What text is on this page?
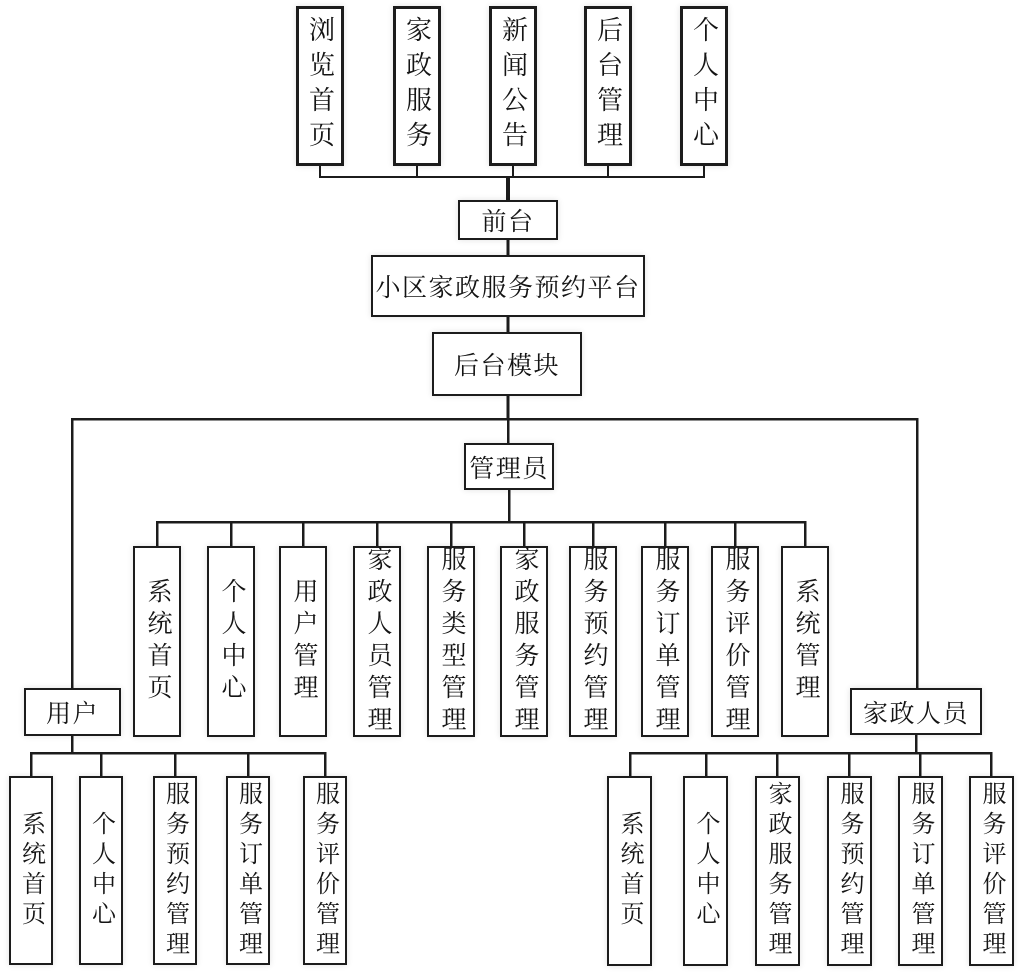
浏览首页	家政服务	新闻公告	后台管理	个人中心
前台
小区家政服务预约平台
后台模块
用户
管理员
家政人员
系统首页	个人中心	用户管理	家政人员管理	服务类型管理	家政服务管理	服务预约管理	服务订单管理	服务评价管理	系统管理
系统首页	个人中心	服务预约管理	服务订单管理	服务评价管理	系统首页	个人中心	家政服务管理	服务预约管理	服务订单管理	服务评价管理
